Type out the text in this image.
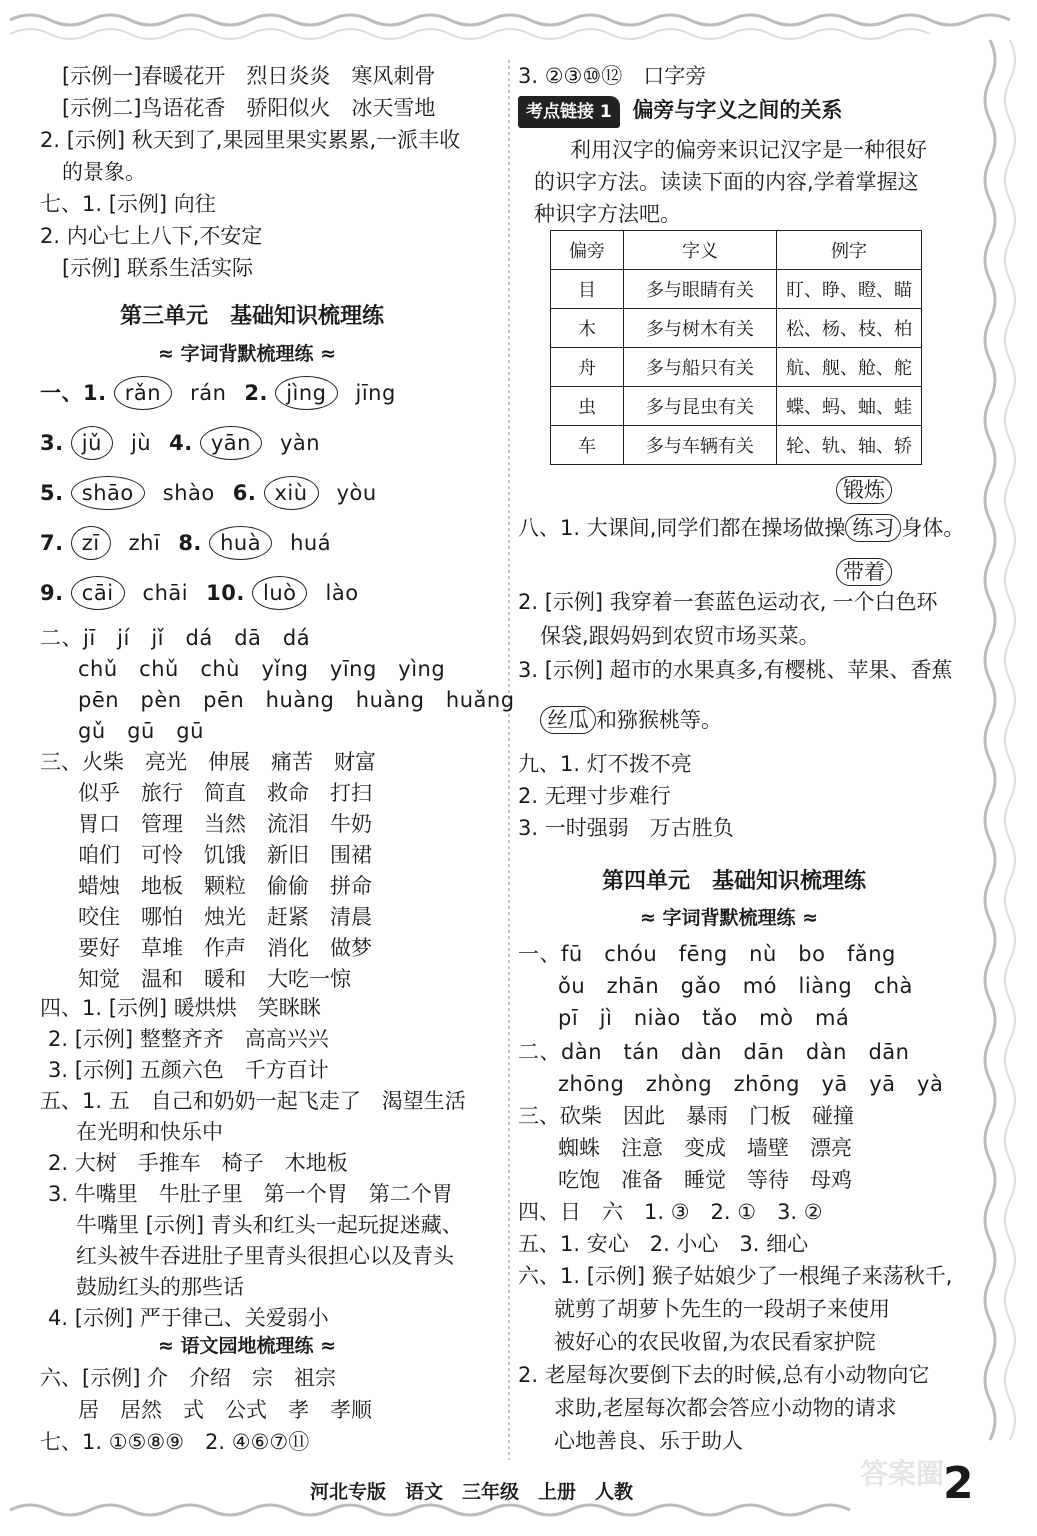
[示例一]春暖花开　烈日炎炎　寒风刺骨
[示例二]鸟语花香　骄阳似火　冰天雪地
2. [示例] 秋天到了,果园里果实累累,一派丰收
的景象。
七、1. [示例] 向往
2. 内心七上八下,不安定
[示例] 联系生活实际
第三单元　基础知识梳理练
≈ 字词背默梳理练 ≈
一、1. rǎn rán 2. jìng jīng
3. jǔ jù 4. yān yàn
5. shāo shào 6. xiù yòu
7. zī zhī 8. huà huá
9. cāi chāi 10. luò lào
二、jī　jí　jǐ　dá　dā　dá
chǔ　chǔ　chù　yǐng　yīng　yìng
pēn　pèn　pēn　huàng　huàng　huǎng
gǔ　gū　gū
三、火柴　亮光　伸展　痛苦　财富
似乎　旅行　简直　救命　打扫
胃口　管理　当然　流泪　牛奶
咱们　可怜　饥饿　新旧　围裙
蜡烛　地板　颗粒　偷偷　拼命
咬住　哪怕　烛光　赶紧　清晨
要好　草堆　作声　消化　做梦
知觉　温和　暖和　大吃一惊
四、1. [示例] 暖烘烘　笑眯眯
2. [示例] 整整齐齐　高高兴兴
3. [示例] 五颜六色　千方百计
五、1. 五　自己和奶奶一起飞走了　渴望生活
在光明和快乐中
2. 大树　手推车　椅子　木地板
3. 牛嘴里　牛肚子里　第一个胃　第二个胃
牛嘴里 [示例] 青头和红头一起玩捉迷藏、
红头被牛吞进肚子里青头很担心以及青头
鼓励红头的那些话
4. [示例] 严于律己、关爱弱小
≈ 语文园地梳理练 ≈
六、[示例] 介　介绍　宗　祖宗
居　居然　式　公式　孝　孝顺
七、1. ①⑤⑧⑨　2. ④⑥⑦⑪
3. ②③⑩⑫　口字旁
考点链接 1 偏旁与字义之间的关系
利用汉字的偏旁来识记汉字是一种很好
的识字方法。读读下面的内容,学着掌握这
种识字方法吧。
偏旁	字义	例字
目	多与眼睛有关	盯、睁、瞪、瞄
木	多与树木有关	松、杨、枝、柏
舟	多与船只有关	航、舰、舱、舵
虫	多与昆虫有关	蝶、蚂、蚰、蛙
车	多与车辆有关	轮、轨、轴、轿
锻炼
八、1. 大课间,同学们都在操场做操 练习 身体。
带着
2. [示例] 我穿着一套蓝色运动衣, 一个白色环
保袋,跟妈妈到农贸市场买菜。
3. [示例] 超市的水果真多,有樱桃、苹果、香蕉
丝瓜 和猕猴桃等。
九、1. 灯不拨不亮
2. 无理寸步难行
3. 一时强弱　万古胜负
第四单元　基础知识梳理练
≈ 字词背默梳理练 ≈
一、fū　chóu　fēng　nù　bo　fǎng
ǒu　zhān　gǎo　mó　liàng　chà
pī　jì　niào　tǎo　mò　má
二、dàn　tán　dàn　dān　dàn　dān
zhōng　zhòng　zhōng　yā　yā　yà
三、砍柴　因此　暴雨　门板　碰撞
蜘蛛　注意　变成　墙壁　漂亮
吃饱　准备　睡觉　等待　母鸡
四、日　六　1. ③　2. ①　3. ②
五、1. 安心　2. 小心　3. 细心
六、1. [示例] 猴子姑娘少了一根绳子来荡秋千,
就剪了胡萝卜先生的一段胡子来使用
被好心的农民收留,为农民看家护院
2. 老屋每次要倒下去的时候,总有小动物向它
求助,老屋每次都会答应小动物的请求
心地善良、乐于助人
河北专版　语文　三年级　上册　人教	2
答案圈
